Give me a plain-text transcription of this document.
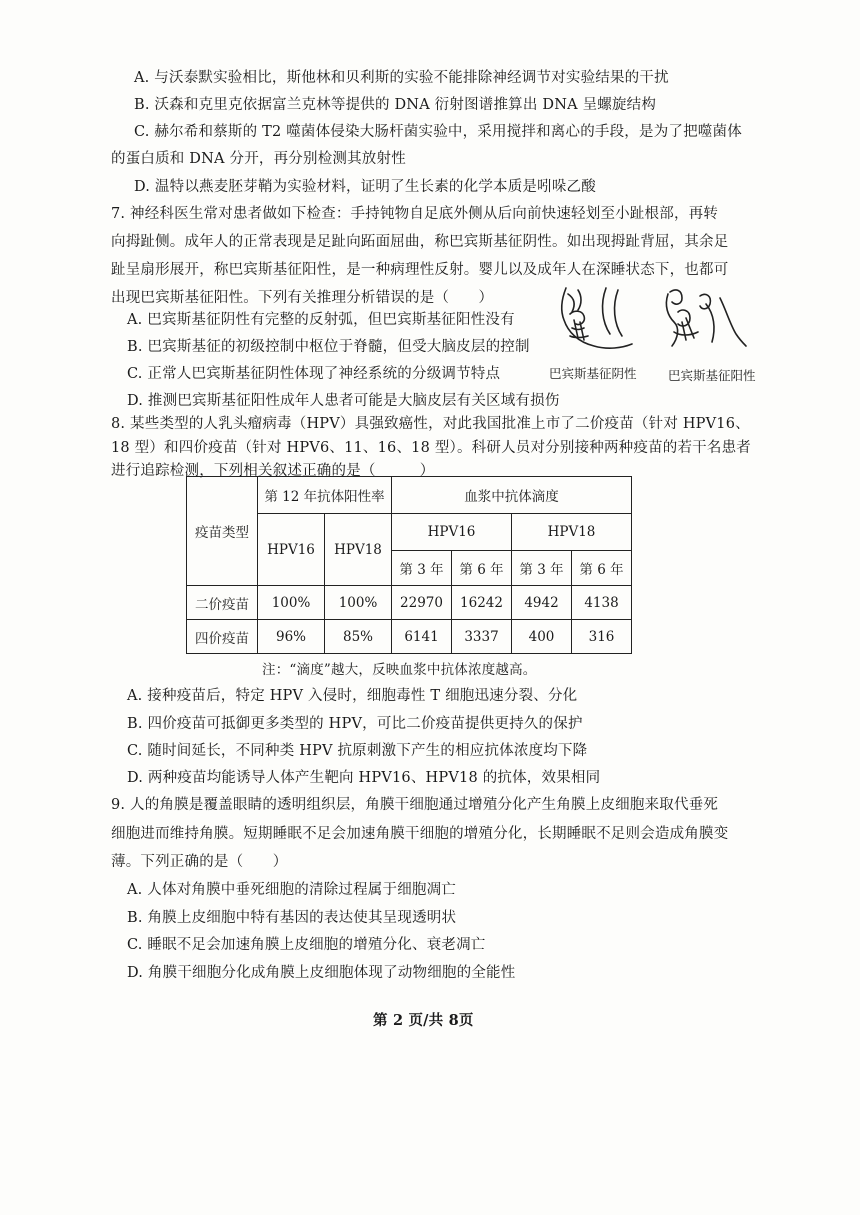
A. 与沃泰默实验相比，斯他林和贝利斯的实验不能排除神经调节对实验结果的干扰
B. 沃森和克里克依据富兰克林等提供的 DNA 衍射图谱推算出 DNA 呈螺旋结构
C. 赫尔希和蔡斯的 T2 噬菌体侵染大肠杆菌实验中，采用搅拌和离心的手段，是为了把噬菌体
的蛋白质和 DNA 分开，再分别检测其放射性
D. 温特以燕麦胚芽鞘为实验材料，证明了生长素的化学本质是吲哚乙酸
7. 神经科医生常对患者做如下检查：手持钝物自足底外侧从后向前快速轻划至小趾根部，再转
向拇趾侧。成年人的正常表现是足趾向跖面屈曲，称巴宾斯基征阴性。如出现拇趾背屈，其余足
趾呈扇形展开，称巴宾斯基征阳性，是一种病理性反射。婴儿以及成年人在深睡状态下，也都可
出现巴宾斯基征阳性。下列有关推理分析错误的是（　　）
A. 巴宾斯基征阴性有完整的反射弧，但巴宾斯基征阳性没有
B. 巴宾斯基征的初级控制中枢位于脊髓，但受大脑皮层的控制
C. 正常人巴宾斯基征阴性体现了神经系统的分级调节特点
D. 推测巴宾斯基征阳性成年人患者可能是大脑皮层有关区域有损伤
巴宾斯基征阴性	巴宾斯基征阳性
8. 某些类型的人乳头瘤病毒（HPV）具强致癌性，对此我国批准上市了二价疫苗（针对 HPV16、
18 型）和四价疫苗（针对 HPV6、11、16、18 型）。科研人员对分别接种两种疫苗的若干名患者
进行追踪检测，下列相关叙述正确的是（　　　）
疫苗类型	第 12 年抗体阳性率		血浆中抗体滴度			
	HPV16	HPV18	HPV16		HPV18	
			第 3 年	第 6 年	第 3 年	第 6 年
二价疫苗	100%	100%	22970	16242	4942	4138
四价疫苗	96%	85%	6141	3337	400	316
注：“滴度”越大，反映血浆中抗体浓度越高。
A. 接种疫苗后，特定 HPV 入侵时，细胞毒性 T 细胞迅速分裂、分化
B. 四价疫苗可抵御更多类型的 HPV，可比二价疫苗提供更持久的保护
C. 随时间延长，不同种类 HPV 抗原刺激下产生的相应抗体浓度均下降
D. 两种疫苗均能诱导人体产生靶向 HPV16、HPV18 的抗体，效果相同
9. 人的角膜是覆盖眼睛的透明组织层，角膜干细胞通过增殖分化产生角膜上皮细胞来取代垂死
细胞进而维持角膜。短期睡眠不足会加速角膜干细胞的增殖分化，长期睡眠不足则会造成角膜变
薄。下列正确的是（　　）
A. 人体对角膜中垂死细胞的清除过程属于细胞凋亡
B. 角膜上皮细胞中特有基因的表达使其呈现透明状
C. 睡眠不足会加速角膜上皮细胞的增殖分化、衰老凋亡
D. 角膜干细胞分化成角膜上皮细胞体现了动物细胞的全能性
第 2 页/共 8页
